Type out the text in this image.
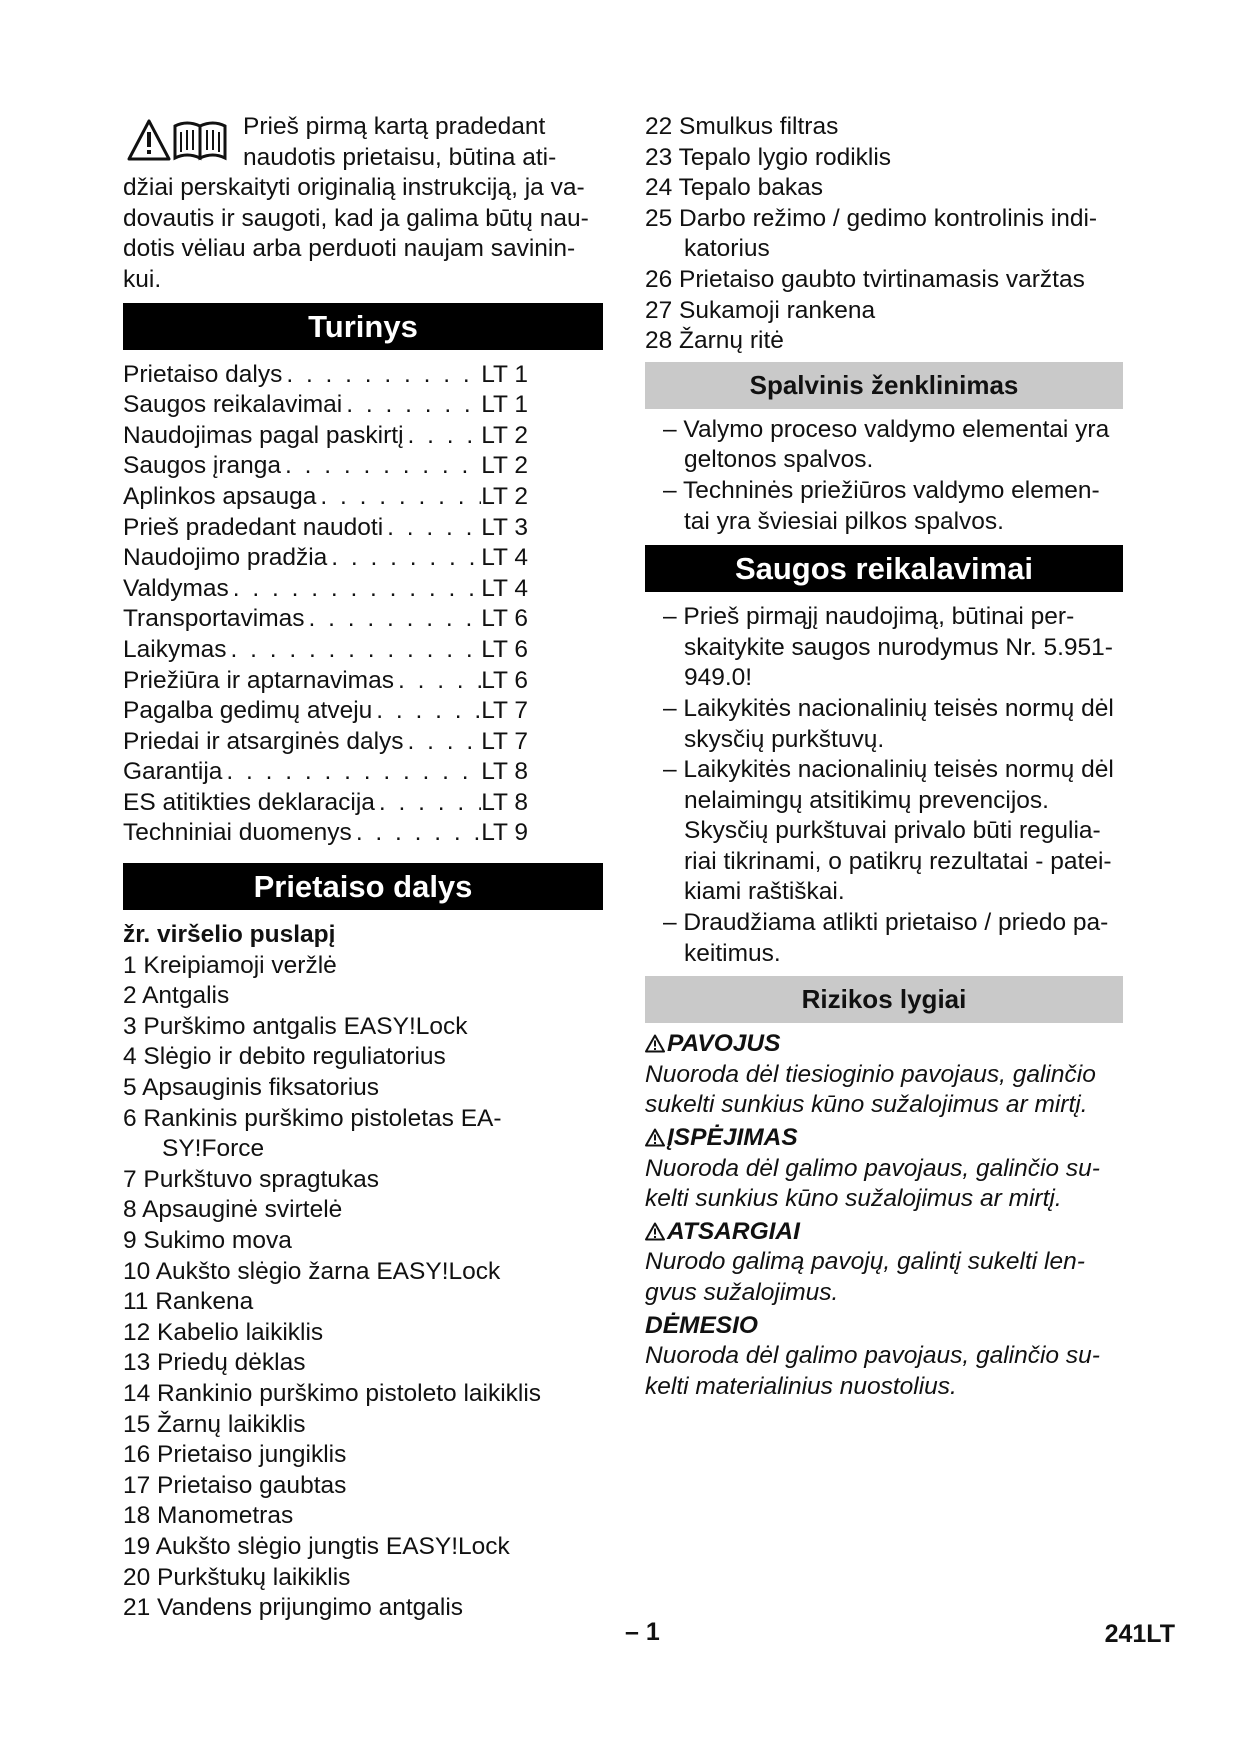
Prieš pirmą kartą pradedant
naudotis prietaisu, būtina ati-
džiai perskaityti originalią instrukciją, ja va-
dovautis ir saugoti, kad ja galima būtų nau-
dotis vėliau arba perduoti naujam savinin-
kui.
Turinys
Prietaiso dalys . . .	LT 1
Saugos reikalavimai . . .	LT 1
Naudojimas pagal paskirtį . . .	LT 2
Saugos įranga . . .	LT 2
Aplinkos apsauga . . .	LT 2
Prieš pradedant naudoti . . .	LT 3
Naudojimo pradžia . . .	LT 4
Valdymas . . .	LT 4
Transportavimas . . .	LT 6
Laikymas . . .	LT 6
Priežiūra ir aptarnavimas . . .	LT 6
Pagalba gedimų atveju . . .	LT 7
Priedai ir atsarginės dalys . . .	LT 7
Garantija . . .	LT 8
ES atitikties deklaracija . . .	LT 8
Techniniai duomenys . . .	LT 9
Prietaiso dalys
žr. viršelio puslapį
1 Kreipiamoji veržlė
2 Antgalis
3 Purškimo antgalis EASY!Lock
4 Slėgio ir debito reguliatorius
5 Apsauginis fiksatorius
6 Rankinis purškimo pistoletas EA- SY!Force
7 Purkštuvo spragtukas
8 Apsauginė svirtelė
9 Sukimo mova
10 Aukšto slėgio žarna EASY!Lock
11 Rankena
12 Kabelio laikiklis
13 Priedų dėklas
14 Rankinio purškimo pistoleto laikiklis
15 Žarnų laikiklis
16 Prietaiso jungiklis
17 Prietaiso gaubtas
18 Manometras
19 Aukšto slėgio jungtis EASY!Lock
20 Purkštukų laikiklis
21 Vandens prijungimo antgalis
22 Smulkus filtras
23 Tepalo lygio rodiklis
24 Tepalo bakas
25 Darbo režimo / gedimo kontrolinis indi- katorius
26 Prietaiso gaubto tvirtinamasis varžtas
27 Sukamoji rankena
28 Žarnų ritė
Spalvinis ženklinimas
– Valymo proceso valdymo elementai yra geltonos spalvos.
– Techninės priežiūros valdymo elemen- tai yra šviesiai pilkos spalvos.
Saugos reikalavimai
– Prieš pirmąjį naudojimą, būtinai per- skaitykite saugos nurodymus Nr. 5.951- 949.0!
– Laikykitės nacionalinių teisės normų dėl skysčių purkštuvų.
– Laikykitės nacionalinių teisės normų dėl nelaimingų atsitikimų prevencijos. Skysčių purkštuvai privalo būti regulia- riai tikrinami, o patikrų rezultatai - patei- kiami raštiškai.
– Draudžiama atlikti prietaiso / priedo pa- keitimus.
Rizikos lygiai
PAVOJUS
Nuoroda dėl tiesioginio pavojaus, galinčio sukelti sunkius kūno sužalojimus ar mirtį.
ĮSPĖJIMAS
Nuoroda dėl galimo pavojaus, galinčio su- kelti sunkius kūno sužalojimus ar mirtį.
ATSARGIAI
Nurodo galimą pavojų, galintį sukelti len- gvus sužalojimus.
DĖMESIO
Nuoroda dėl galimo pavojaus, galinčio su- kelti materialinius nuostolius.
– 1	241LT
